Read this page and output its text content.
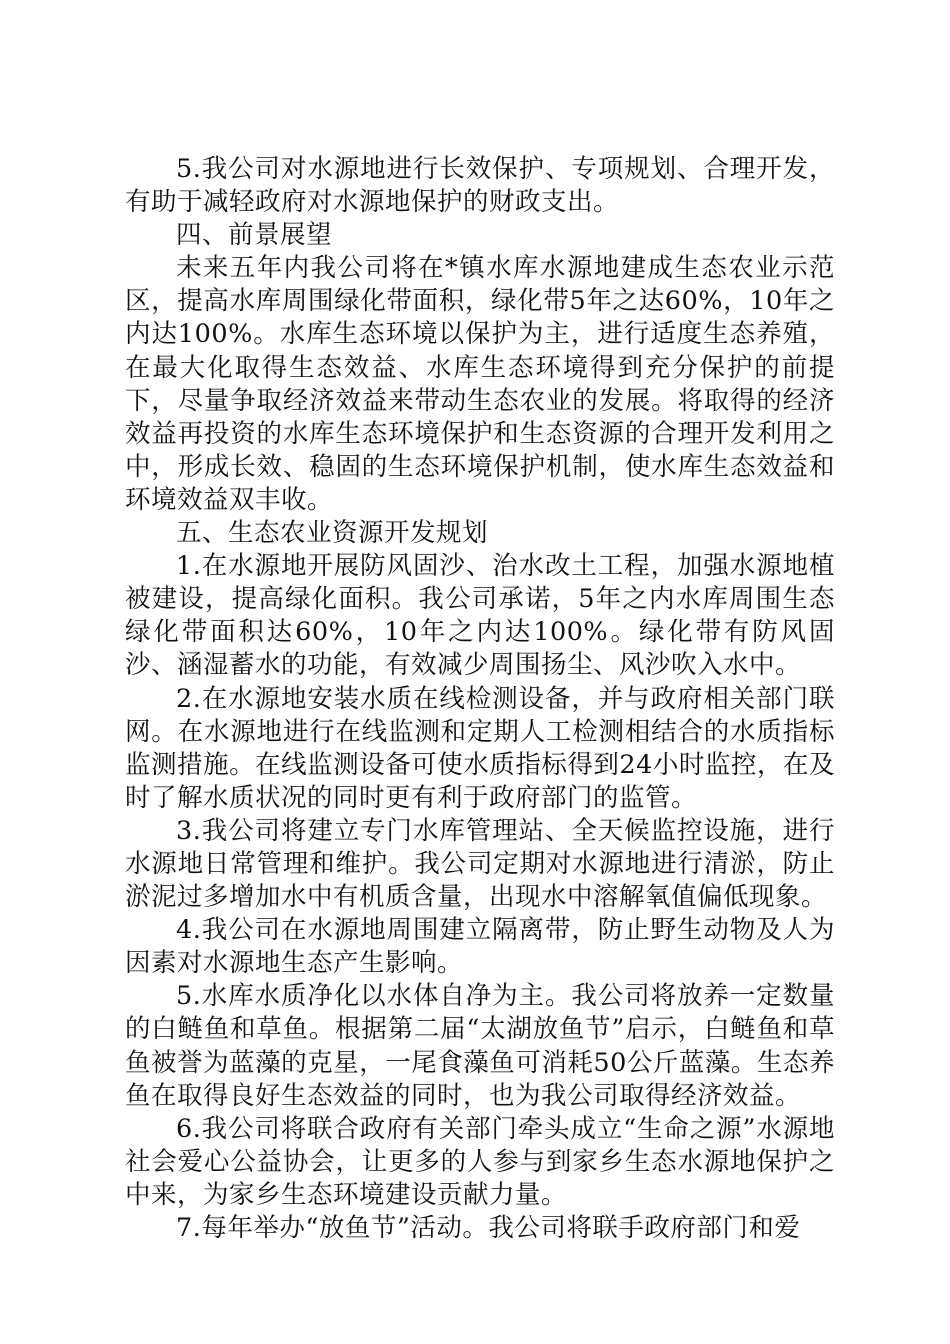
5.我公司对水源地进行长效保护、专项规划、合理开发，有助于减轻政府对水源地保护的财政支出。

四、前景展望

未来五年内我公司将在*镇水库水源地建成生态农业示范区，提高水库周围绿化带面积，绿化带5年之达60%，10年之内达100%。水库生态环境以保护为主，进行适度生态养殖，在最大化取得生态效益、水库生态环境得到充分保护的前提下，尽量争取经济效益来带动生态农业的发展。将取得的经济效益再投资的水库生态环境保护和生态资源的合理开发利用之中，形成长效、稳固的生态环境保护机制，使水库生态效益和环境效益双丰收。

五、生态农业资源开发规划

1.在水源地开展防风固沙、治水改土工程，加强水源地植被建设，提高绿化面积。我公司承诺，5年之内水库周围生态绿化带面积达60%，10年之内达100%。绿化带有防风固沙、涵湿蓄水的功能，有效减少周围扬尘、风沙吹入水中。

2.在水源地安装水质在线检测设备，并与政府相关部门联网。在水源地进行在线监测和定期人工检测相结合的水质指标监测措施。在线监测设备可使水质指标得到24小时监控，在及时了解水质状况的同时更有利于政府部门的监管。

3.我公司将建立专门水库管理站、全天候监控设施，进行水源地日常管理和维护。我公司定期对水源地进行清淤，防止淤泥过多增加水中有机质含量，出现水中溶解氧值偏低现象。

4.我公司在水源地周围建立隔离带，防止野生动物及人为因素对水源地生态产生影响。

5.水库水质净化以水体自净为主。我公司将放养一定数量的白鲢鱼和草鱼。根据第二届“太湖放鱼节”启示，白鲢鱼和草鱼被誉为蓝藻的克星，一尾食藻鱼可消耗50公斤蓝藻。生态养鱼在取得良好生态效益的同时，也为我公司取得经济效益。

6.我公司将联合政府有关部门牵头成立“生命之源”水源地社会爱心公益协会，让更多的人参与到家乡生态水源地保护之中来，为家乡生态环境建设贡献力量。

7.每年举办“放鱼节”活动。我公司将联手政府部门和爱
